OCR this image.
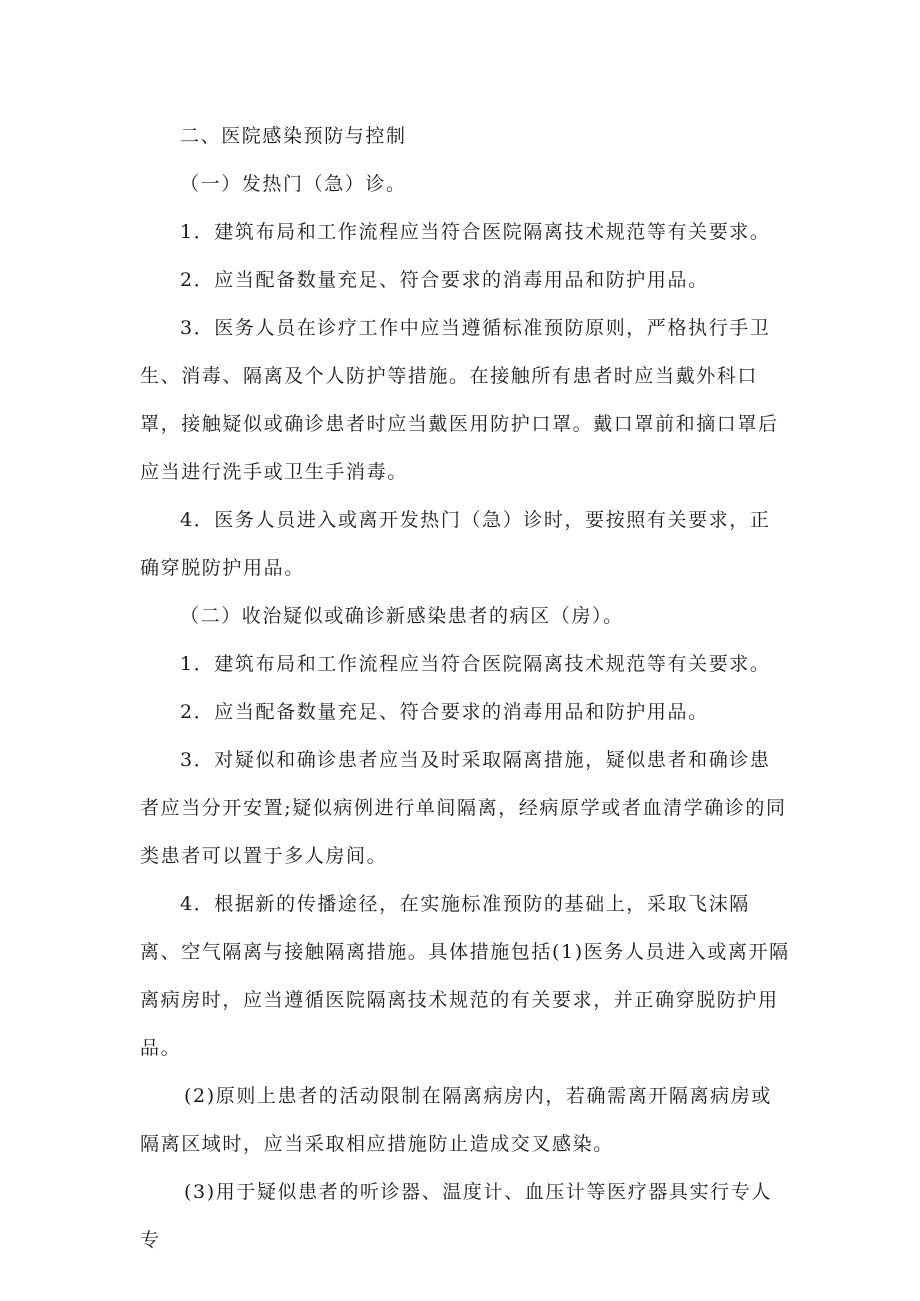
二、医院感染预防与控制

（一）发热门（急）诊。

1．建筑布局和工作流程应当符合医院隔离技术规范等有关要求。

2．应当配备数量充足、符合要求的消毒用品和防护用品。

3．医务人员在诊疗工作中应当遵循标准预防原则，严格执行手卫生、消毒、隔离及个人防护等措施。在接触所有患者时应当戴外科口罩，接触疑似或确诊患者时应当戴医用防护口罩。戴口罩前和摘口罩后应当进行洗手或卫生手消毒。

4．医务人员进入或离开发热门（急）诊时，要按照有关要求，正确穿脱防护用品。

（二）收治疑似或确诊新感染患者的病区（房）。

1．建筑布局和工作流程应当符合医院隔离技术规范等有关要求。

2．应当配备数量充足、符合要求的消毒用品和防护用品。

3．对疑似和确诊患者应当及时采取隔离措施，疑似患者和确诊患者应当分开安置;疑似病例进行单间隔离，经病原学或者血清学确诊的同类患者可以置于多人房间。

4．根据新的传播途径，在实施标准预防的基础上，采取飞沫隔离、空气隔离与接触隔离措施。具体措施包括(1)医务人员进入或离开隔离病房时，应当遵循医院隔离技术规范的有关要求，并正确穿脱防护用品。

(2)原则上患者的活动限制在隔离病房内，若确需离开隔离病房或隔离区域时，应当采取相应措施防止造成交叉感染。

(3)用于疑似患者的听诊器、温度计、血压计等医疗器具实行专人专
